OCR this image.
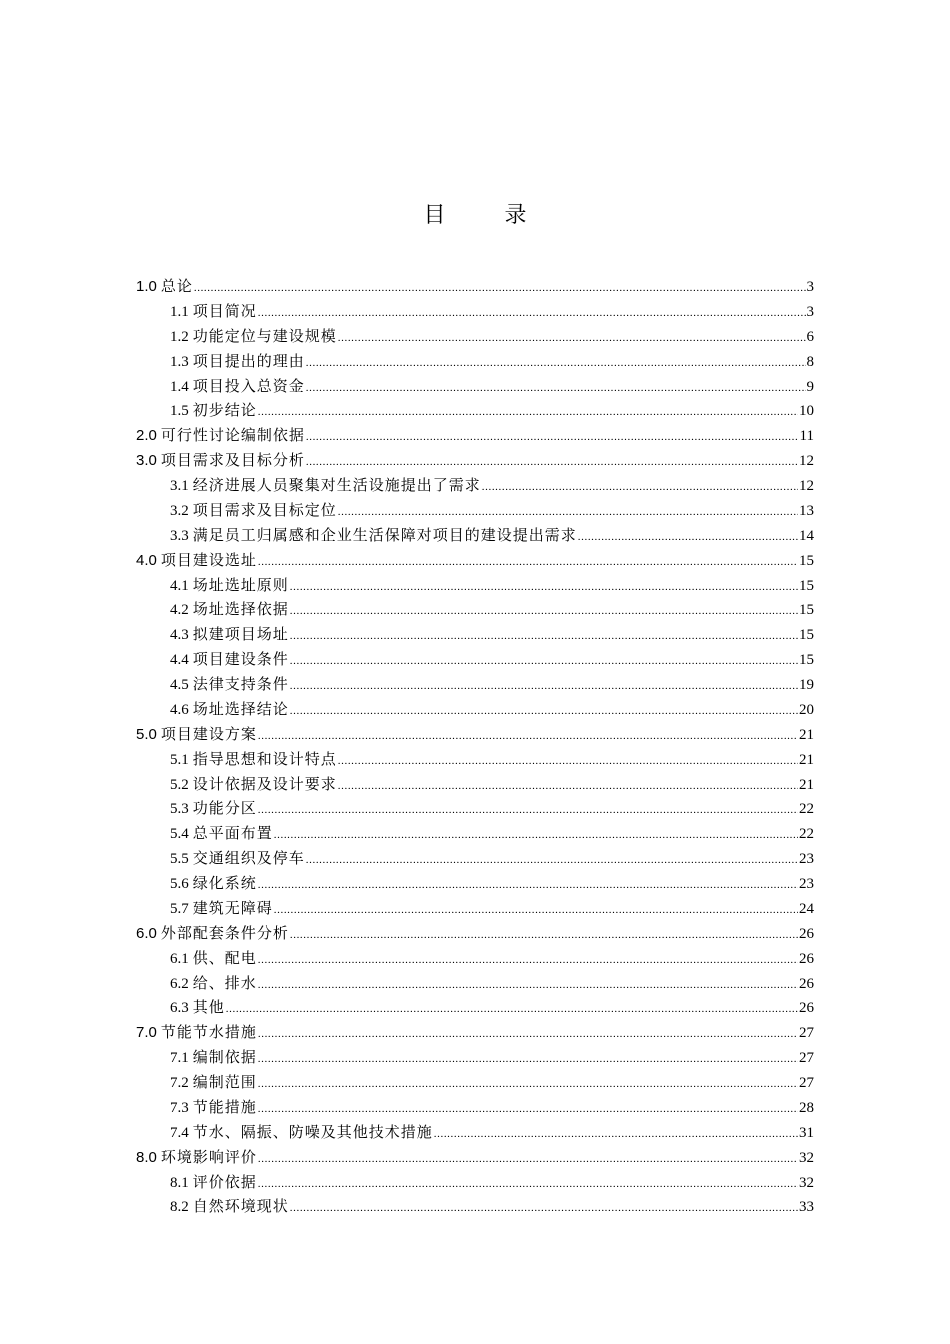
目 录
1.0 总论 .....	3
1.1 项目简况 .....	3
1.2 功能定位与建设规模 .....	6
1.3 项目提出的理由 .....	8
1.4 项目投入总资金 .....	9
1.5 初步结论 .....	10
2.0 可行性讨论编制依据 .....	11
3.0 项目需求及目标分析 .....	12
3.1 经济进展人员聚集对生活设施提出了需求 .....	12
3.2 项目需求及目标定位 .....	13
3.3 满足员工归属感和企业生活保障对项目的建设提出需求 .....	14
4.0 项目建设选址 .....	15
4.1 场址选址原则 .....	15
4.2 场址选择依据 .....	15
4.3 拟建项目场址 .....	15
4.4 项目建设条件 .....	15
4.5 法律支持条件 .....	19
4.6 场址选择结论 .....	20
5.0 项目建设方案 .....	21
5.1 指导思想和设计特点 .....	21
5.2 设计依据及设计要求 .....	21
5.3 功能分区 .....	22
5.4 总平面布置 .....	22
5.5 交通组织及停车 .....	23
5.6 绿化系统 .....	23
5.7 建筑无障碍 .....	24
6.0 外部配套条件分析 .....	26
6.1 供、配电 .....	26
6.2 给、排水 .....	26
6.3 其他 .....	26
7.0 节能节水措施 .....	27
7.1 编制依据 .....	27
7.2 编制范围 .....	27
7.3 节能措施 .....	28
7.4 节水、隔振、防噪及其他技术措施 .....	31
8.0 环境影响评价 .....	32
8.1 评价依据 .....	32
8.2 自然环境现状 .....	33
